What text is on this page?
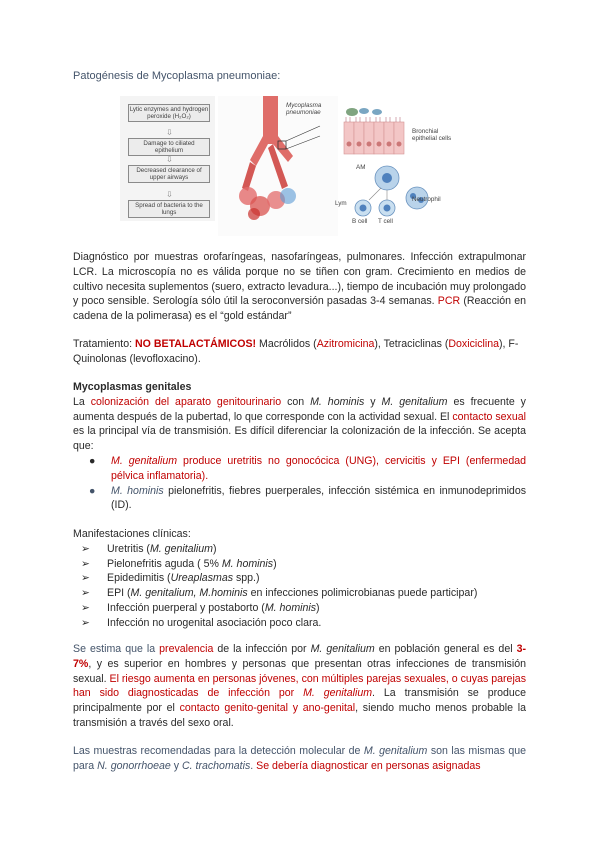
Patogénesis de Mycoplasma pneumoniae:
Lytic enzymes and hydrogen peroxide (H₂O₂)
⇩
Damage to ciliated epithelium
⇩
Decreased clearance of upper airways
⇩
Spread of bacteria to the lungs
Mycoplasma pneumoniae
Bronchial epithelial cells
AM
Lym
Neutrophil
B cell T cell
Diagnóstico por muestras orofaríngeas, nasofaríngeas, pulmonares. Infección extrapulmonar LCR. La microscopía no es válida porque no se tiñen con gram. Crecimiento en medios de cultivo necesita suplementos (suero, extracto levadura...), tiempo de incubación muy prolongado y poco sensible. Serología sólo útil la seroconversión pasadas 3-4 semanas. PCR (Reacción en cadena de la polimerasa) es el “gold estándar”
Tratamiento: NO BETALACTÁMICOS! Macrólidos (Azitromicina), Tetraciclinas (Doxiciclina), F-Quinolonas (levofloxacino).
Mycoplasmas genitales
La colonización del aparato genitourinario con M. hominis y M. genitalium es frecuente y aumenta después de la pubertad, lo que corresponde con la actividad sexual. El contacto sexual es la principal vía de transmisión. Es difícil diferenciar la colonización de la infección. Se acepta que:
● M. genitalium produce uretritis no gonocócica (UNG), cervicitis y EPI (enfermedad pélvica inflamatoria).
● M. hominis pielonefritis, fiebres puerperales, infección sistémica en inmunodeprimidos (ID).
Manifestaciones clínicas:
➢ Uretritis (M. genitalium)
➢ Pielonefritis aguda ( 5% M. hominis)
➢ Epidedimitis (Ureaplasmas spp.)
➢ EPI (M. genitalium, M.hominis en infecciones polimicrobianas puede participar)
➢ Infección puerperal y postaborto (M. hominis)
➢ Infección no urogenital asociación poco clara.
Se estima que la prevalencia de la infección por M. genitalium en población general es del 3-7%, y es superior en hombres y personas que presentan otras infecciones de transmisión sexual. El riesgo aumenta en personas jóvenes, con múltiples parejas sexuales, o cuyas parejas han sido diagnosticadas de infección por M. genitalium. La transmisión se produce principalmente por el contacto genito-genital y ano-genital, siendo mucho menos probable la transmisión a través del sexo oral.
Las muestras recomendadas para la detección molecular de M. genitalium son las mismas que para N. gonorrhoeae y C. trachomatis. Se debería diagnosticar en personas asignadas
